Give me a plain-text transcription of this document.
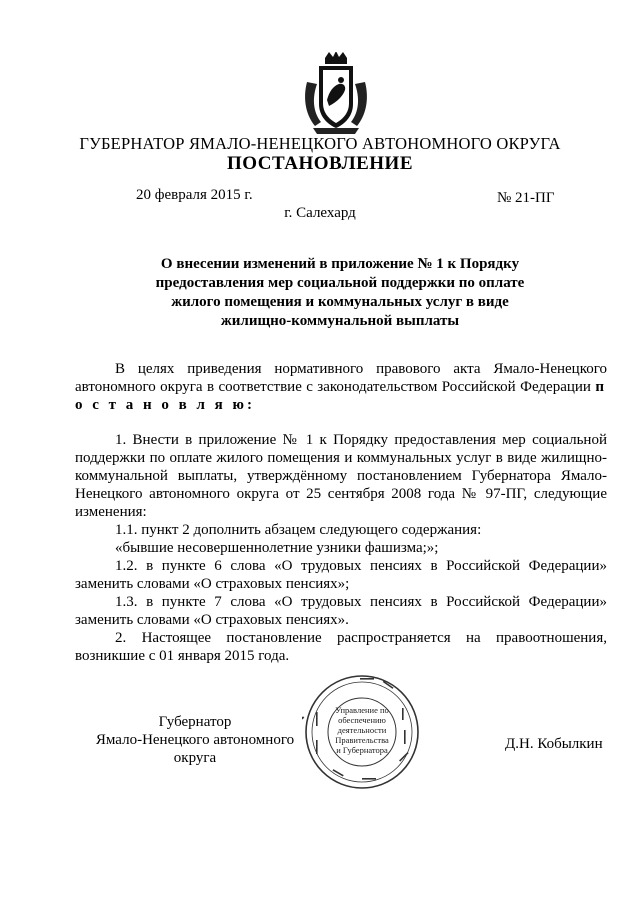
ГУБЕРНАТОР ЯМАЛО-НЕНЕЦКОГО АВТОНОМНОГО ОКРУГА
ПОСТАНОВЛЕНИЕ
20 февраля 2015 г.	№ 21-ПГ
г. Салехард
О внесении изменений в приложение № 1 к Порядку
предоставления мер социальной поддержки по оплате
жилого помещения и коммунальных услуг в виде
жилищно-коммунальной выплаты
В целях приведения нормативного правового акта Ямало-Ненецкого автономного округа в соответствие с законодательством Российской Федерации п о с т а н о в л я ю:
1. Внести в приложение № 1 к Порядку предоставления мер социальной поддержки по оплате жилого помещения и коммунальных услуг в виде жилищно-коммунальной выплаты, утверждённому постановлением Губернатора Ямало-Ненецкого автономного округа от 25 сентября 2008 года № 97-ПГ, следующие изменения:
1.1. пункт 2 дополнить абзацем следующего содержания:
«бывшие несовершеннолетние узники фашизма;»;
1.2. в пункте 6 слова «О трудовых пенсиях в Российской Федерации» заменить словами «О страховых пенсиях»;
1.3. в пункте 7 слова «О трудовых пенсиях в Российской Федерации» заменить словами «О страховых пенсиях».
2. Настоящее постановление распространяется на правоотношения, возникшие с 01 января 2015 года.
Губернатор
Ямало-Ненецкого автономного округа
Д.Н. Кобылкин
Управление по обеспечению деятельности Правительства и Губернатора
